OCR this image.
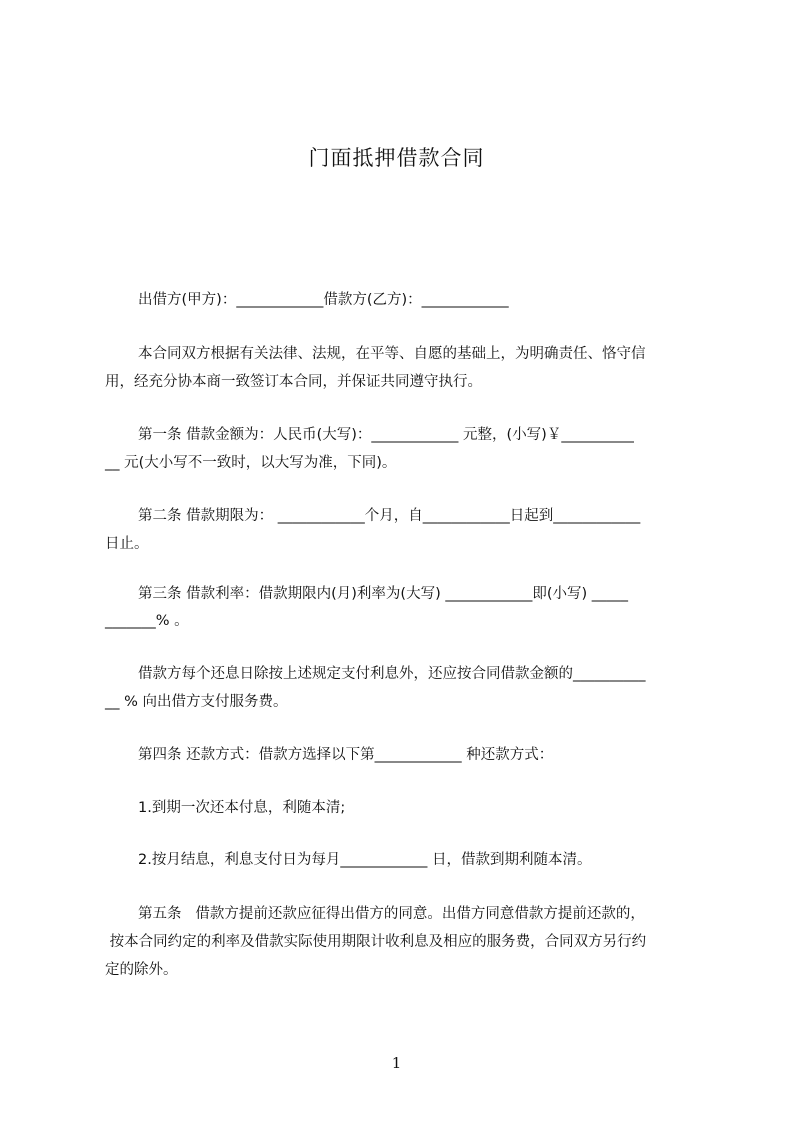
门面抵押借款合同
出借方(甲方)：____________借款方(乙方)：____________
本合同双方根据有关法律、法规，在平等、自愿的基础上，为明确责任、恪守信
用，经充分协本商一致签订本合同，并保证共同遵守执行。
第一条 借款金额为：人民币(大写)：____________ 元整，(小写)￥__________
__ 元(大小写不一致时，以大写为准，下同)。
第二条 借款期限为： ____________个月，自____________日起到____________
日止。
第三条 借款利率：借款期限内(月)利率为(大写) ____________即(小写) _____
_______% 。
借款方每个还息日除按上述规定支付利息外，还应按合同借款金额的__________
__ % 向出借方支付服务费。
第四条 还款方式：借款方选择以下第____________ 种还款方式：
1.到期一次还本付息，利随本清;
2.按月结息，利息支付日为每月____________ 日，借款到期利随本清。
第五条   借款方提前还款应征得出借方的同意。出借方同意借款方提前还款的，
按本合同约定的利率及借款实际使用期限计收利息及相应的服务费，合同双方另行约
定的除外。
1
